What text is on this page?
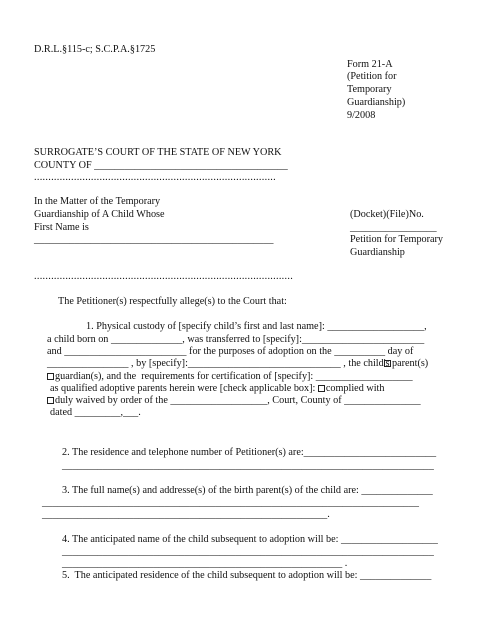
D.R.L.§115-c; S.C.P.A.§1725
Form 21-A
(Petition for
Temporary
Guardianship)
9/2008
SURROGATE’S COURT OF THE STATE OF NEW YORK
COUNTY OF ______________________________________
.....................................................................................
In the Matter of the Temporary
Guardianship of A Child Whose
First Name is
_______________________________________________
(Docket)(File)No.
_________________
Petition for Temporary
Guardianship
...........................................................................................
The Petitioner(s) respectfully allege(s) to the Court that:
1. Physical custody of [specify child’s first and last name]: ___________________,
a child born on ______________, was transferred to [specify]:________________________
and ________________________ for the purposes of adoption on the __________ day of
________________ , by [specify]:______________________________ , the child's parent(s)
guardian(s), and the  requirements for certification of [specify]: ___________________
as qualified adoptive parents herein were [check applicable box]: complied with
duly waived by order of the ___________________, Court, County of _______________
dated _________,___.
2. The residence and telephone number of Petitioner(s) are:__________________________
_________________________________________________________________________
3. The full name(s) and addresse(s) of the birth parent(s) of the child are: ______________
__________________________________________________________________________
________________________________________________________.
4. The anticipated name of the child subsequent to adoption will be: ___________________
_________________________________________________________________________
_______________________________________________________ .
5.  The anticipated residence of the child subsequent to adoption will be: ______________
